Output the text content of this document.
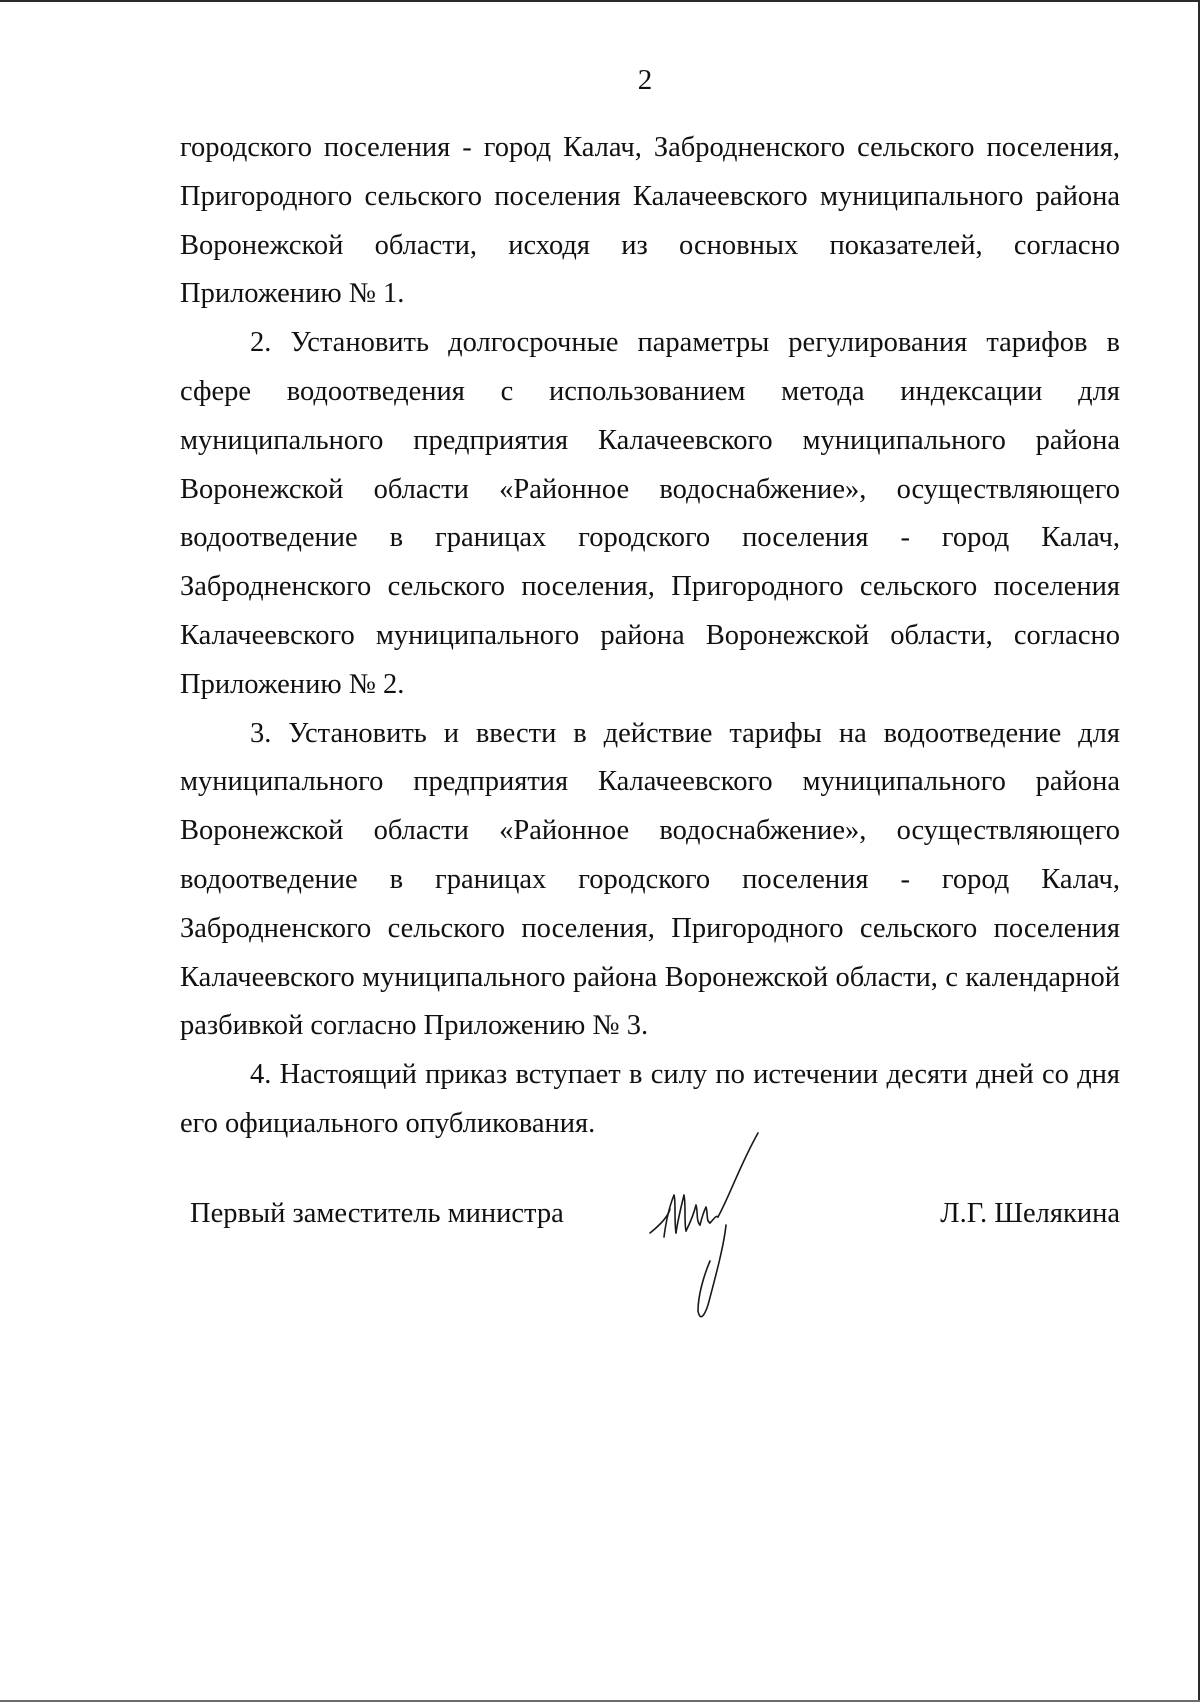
2

городского поселения - город Калач, Забродненского сельского поселения, Пригородного сельского поселения Калачеевского муниципального района Воронежской области, исходя из основных показателей, согласно Приложению № 1.

2. Установить долгосрочные параметры регулирования тарифов в сфере водоотведения с использованием метода индексации для муниципального предприятия Калачеевского муниципального района Воронежской области «Районное водоснабжение», осуществляющего водоотведение в границах городского поселения - город Калач, Забродненского сельского поселения, Пригородного сельского поселения Калачеевского муниципального района Воронежской области, согласно Приложению № 2.

3. Установить и ввести в действие тарифы на водоотведение для муниципального предприятия Калачеевского муниципального района Воронежской области «Районное водоснабжение», осуществляющего водоотведение в границах городского поселения - город Калач, Забродненского сельского поселения, Пригородного сельского поселения Калачеевского муниципального района Воронежской области, с календарной разбивкой согласно Приложению № 3.

4. Настоящий приказ вступает в силу по истечении десяти дней со дня его официального опубликования.

Первый заместитель министра	Л.Г. Шелякина
